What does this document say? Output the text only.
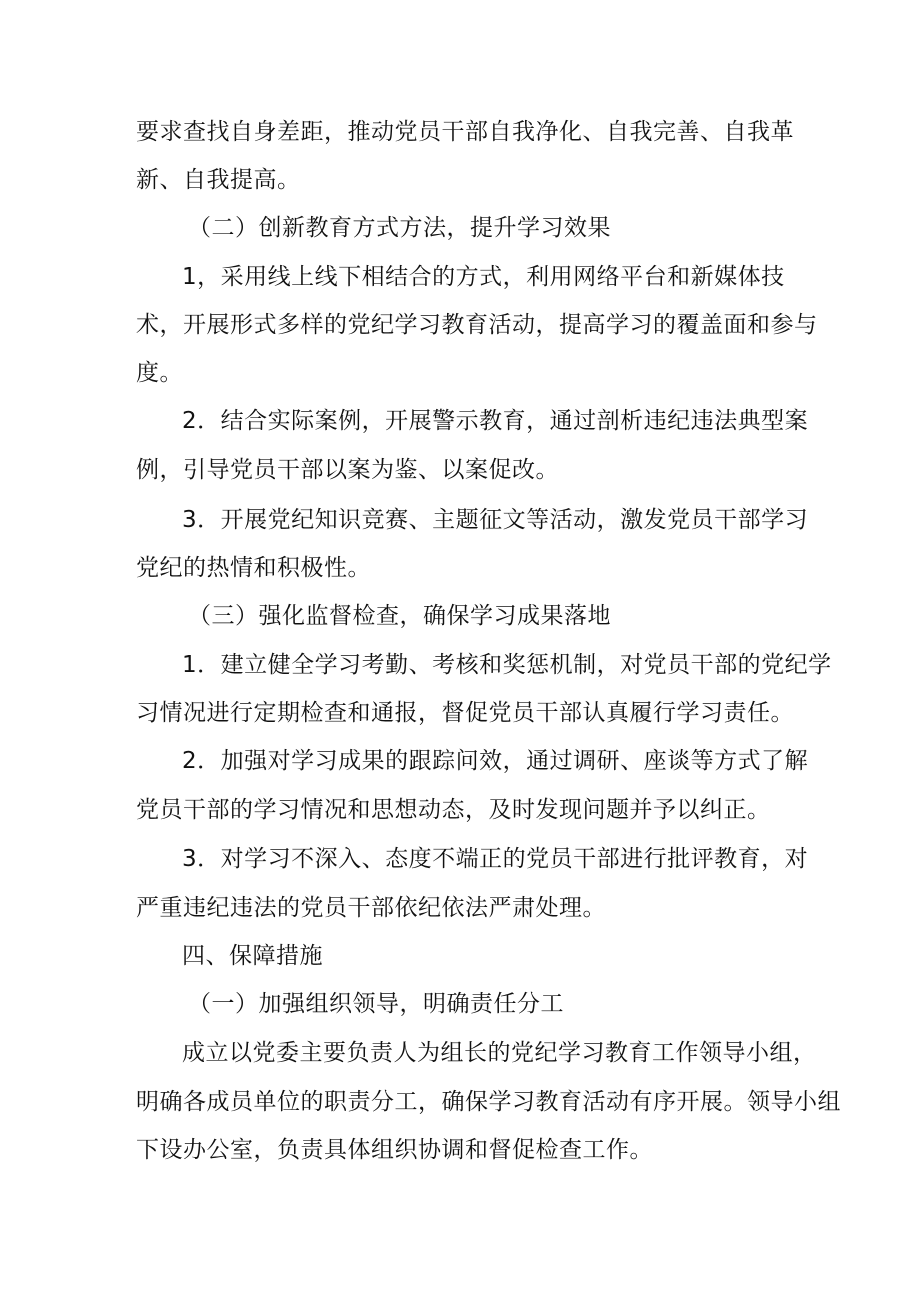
要求查找自身差距，推动党员干部自我净化、自我完善、自我革
新、自我提高。
（二）创新教育方式方法，提升学习效果
1，采用线上线下相结合的方式，利用网络平台和新媒体技
术，开展形式多样的党纪学习教育活动，提高学习的覆盖面和参与
度。
2．结合实际案例，开展警示教育，通过剖析违纪违法典型案
例，引导党员干部以案为鉴、以案促改。
3．开展党纪知识竞赛、主题征文等活动，激发党员干部学习
党纪的热情和积极性。
（三）强化监督检查，确保学习成果落地
1．建立健全学习考勤、考核和奖惩机制，对党员干部的党纪学
习情况进行定期检查和通报，督促党员干部认真履行学习责任。
2．加强对学习成果的跟踪问效，通过调研、座谈等方式了解
党员干部的学习情况和思想动态，及时发现问题并予以纠正。
3．对学习不深入、态度不端正的党员干部进行批评教育，对
严重违纪违法的党员干部依纪依法严肃处理。
四、保障措施
（一）加强组织领导，明确责任分工
成立以党委主要负责人为组长的党纪学习教育工作领导小组，
明确各成员单位的职责分工，确保学习教育活动有序开展。领导小组
下设办公室，负责具体组织协调和督促检查工作。
